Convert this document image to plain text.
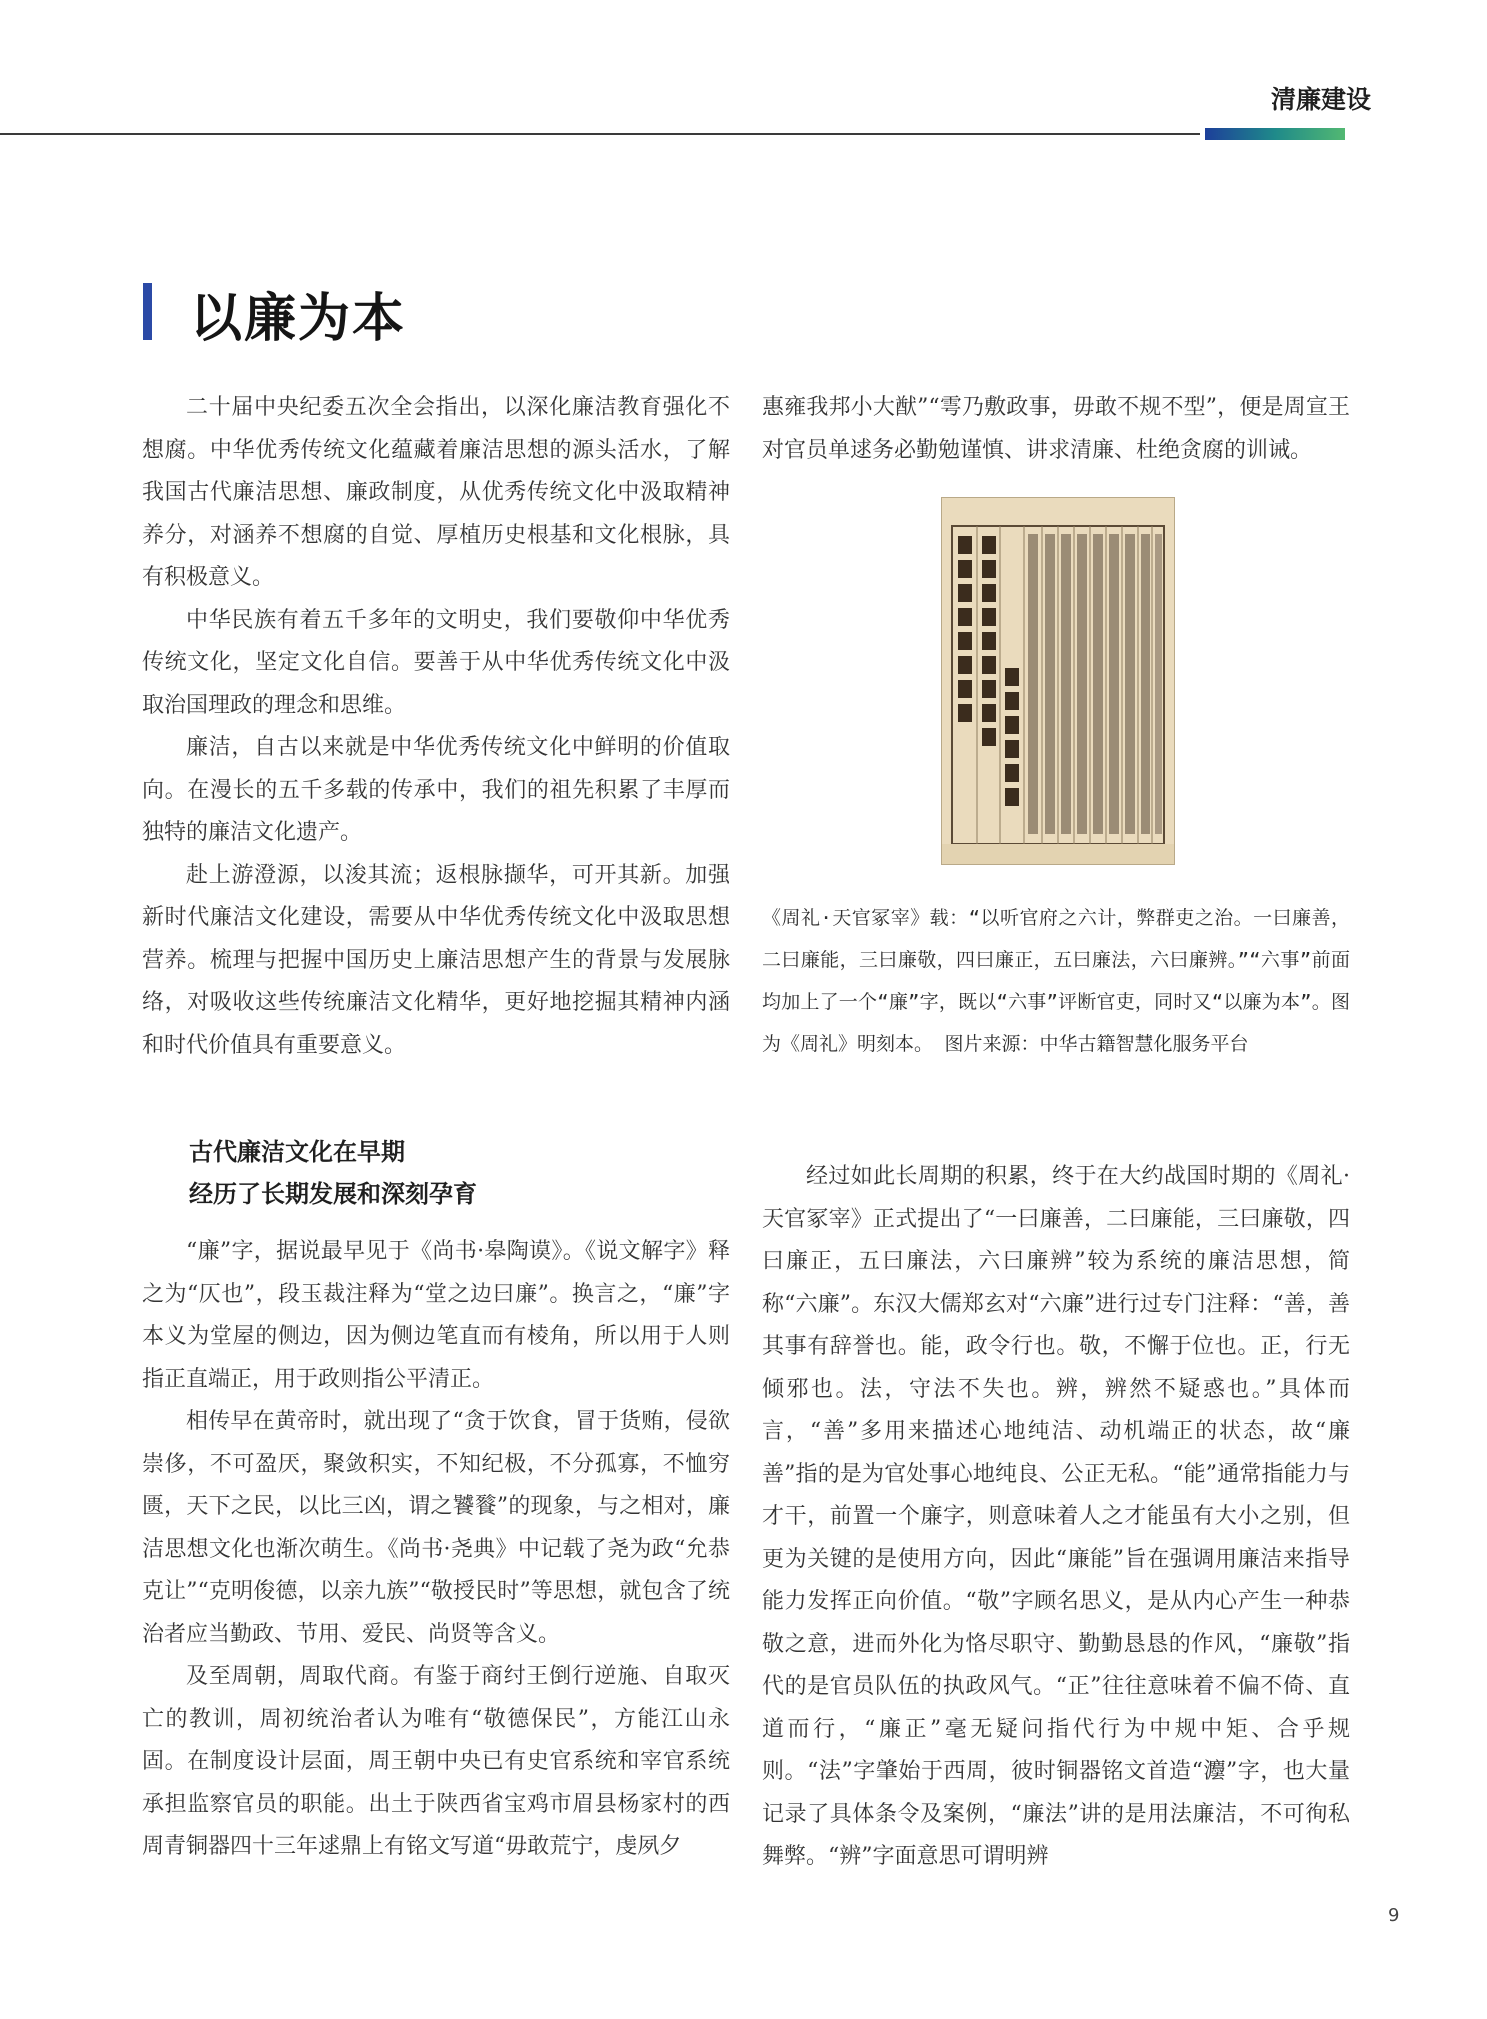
清廉建设
以廉为本

二十届中央纪委五次全会指出，以深化廉洁教育强化不想腐。中华优秀传统文化蕴藏着廉洁思想的源头活水，了解我国古代廉洁思想、廉政制度，从优秀传统文化中汲取精神养分，对涵养不想腐的自觉、厚植历史根基和文化根脉，具有积极意义。

中华民族有着五千多年的文明史，我们要敬仰中华优秀传统文化，坚定文化自信。要善于从中华优秀传统文化中汲取治国理政的理念和思维。

廉洁，自古以来就是中华优秀传统文化中鲜明的价值取向。在漫长的五千多载的传承中，我们的祖先积累了丰厚而独特的廉洁文化遗产。

赴上游澄源，以浚其流；返根脉撷华，可开其新。加强新时代廉洁文化建设，需要从中华优秀传统文化中汲取思想营养。梳理与把握中国历史上廉洁思想产生的背景与发展脉络，对吸收这些传统廉洁文化精华，更好地挖掘其精神内涵和时代价值具有重要意义。

惠雍我邦小大猷”“雩乃敷政事，毋敢不规不型”，便是周宣王对官员单逑务必勤勉谨慎、讲求清廉、杜绝贪腐的训诫。

《周礼·天官冢宰》载：“以听官府之六计，弊群吏之治。一曰廉善，二曰廉能，三曰廉敬，四曰廉正，五曰廉法，六曰廉辨。”“六事”前面均加上了一个“廉”字，既以“六事”评断官吏，同时又“以廉为本”。图为《周礼》明刻本。 图片来源：中华古籍智慧化服务平台
古代廉洁文化在早期
经历了长期发展和深刻孕育

“廉”字，据说最早见于《尚书·皋陶谟》。《说文解字》释之为“仄也”，段玉裁注释为“堂之边曰廉”。换言之，“廉”字本义为堂屋的侧边，因为侧边笔直而有棱角，所以用于人则指正直端正，用于政则指公平清正。

相传早在黄帝时，就出现了“贪于饮食，冒于货贿，侵欲崇侈，不可盈厌，聚敛积实，不知纪极，不分孤寡，不恤穷匮，天下之民，以比三凶，谓之饕餮”的现象，与之相对，廉洁思想文化也渐次萌生。《尚书·尧典》中记载了尧为政“允恭克让”“克明俊德，以亲九族”“敬授民时”等思想，就包含了统治者应当勤政、节用、爱民、尚贤等含义。

及至周朝，周取代商。有鉴于商纣王倒行逆施、自取灭亡的教训，周初统治者认为唯有“敬德保民”，方能江山永固。在制度设计层面，周王朝中央已有史官系统和宰官系统承担监察官员的职能。出土于陕西省宝鸡市眉县杨家村的西周青铜器四十三年逑鼎上有铭文写道“毋敢荒宁，虔夙夕

经过如此长周期的积累，终于在大约战国时期的《周礼·天官冢宰》正式提出了“一曰廉善，二曰廉能，三曰廉敬，四曰廉正，五曰廉法，六曰廉辨”较为系统的廉洁思想，简称“六廉”。东汉大儒郑玄对“六廉”进行过专门注释：“善，善其事有辞誉也。能，政令行也。敬，不懈于位也。正，行无倾邪也。法，守法不失也。辨，辨然不疑惑也。”具体而言，“善”多用来描述心地纯洁、动机端正的状态，故“廉善”指的是为官处事心地纯良、公正无私。“能”通常指能力与才干，前置一个廉字，则意味着人之才能虽有大小之别，但更为关键的是使用方向，因此“廉能”旨在强调用廉洁来指导能力发挥正向价值。“敬”字顾名思义，是从内心产生一种恭敬之意，进而外化为恪尽职守、勤勤恳恳的作风，“廉敬”指代的是官员队伍的执政风气。“正”往往意味着不偏不倚、直道而行，“廉正”毫无疑问指代行为中规中矩、合乎规则。“法”字肇始于西周，彼时铜器铭文首造“灋”字，也大量记录了具体条令及案例，“廉法”讲的是用法廉洁，不可徇私舞弊。“辨”字面意思可谓明辨

9
